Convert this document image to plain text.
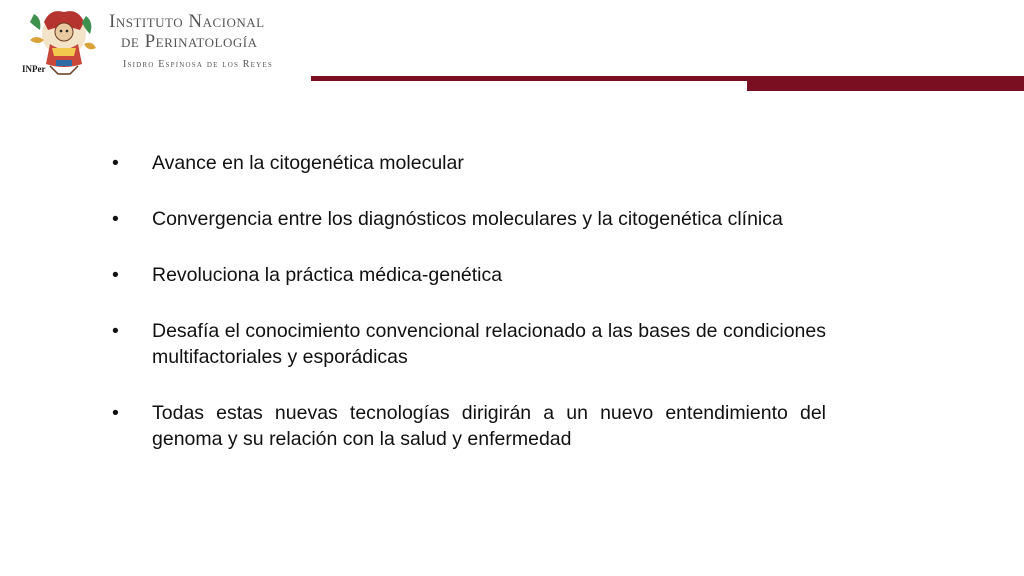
INPer
Instituto Nacional
de Perinatología
Isidro Espinosa de los Reyes
•	Avance en la citogenética molecular
•	Convergencia entre los diagnósticos moleculares y la citogenética clínica
•	Revoluciona la práctica médica-genética
•	Desafía el conocimiento convencional relacionado a las bases de condiciones multifactoriales y esporádicas
•	Todas estas nuevas tecnologías dirigirán a un nuevo entendimiento del genoma y su relación con la salud y enfermedad
